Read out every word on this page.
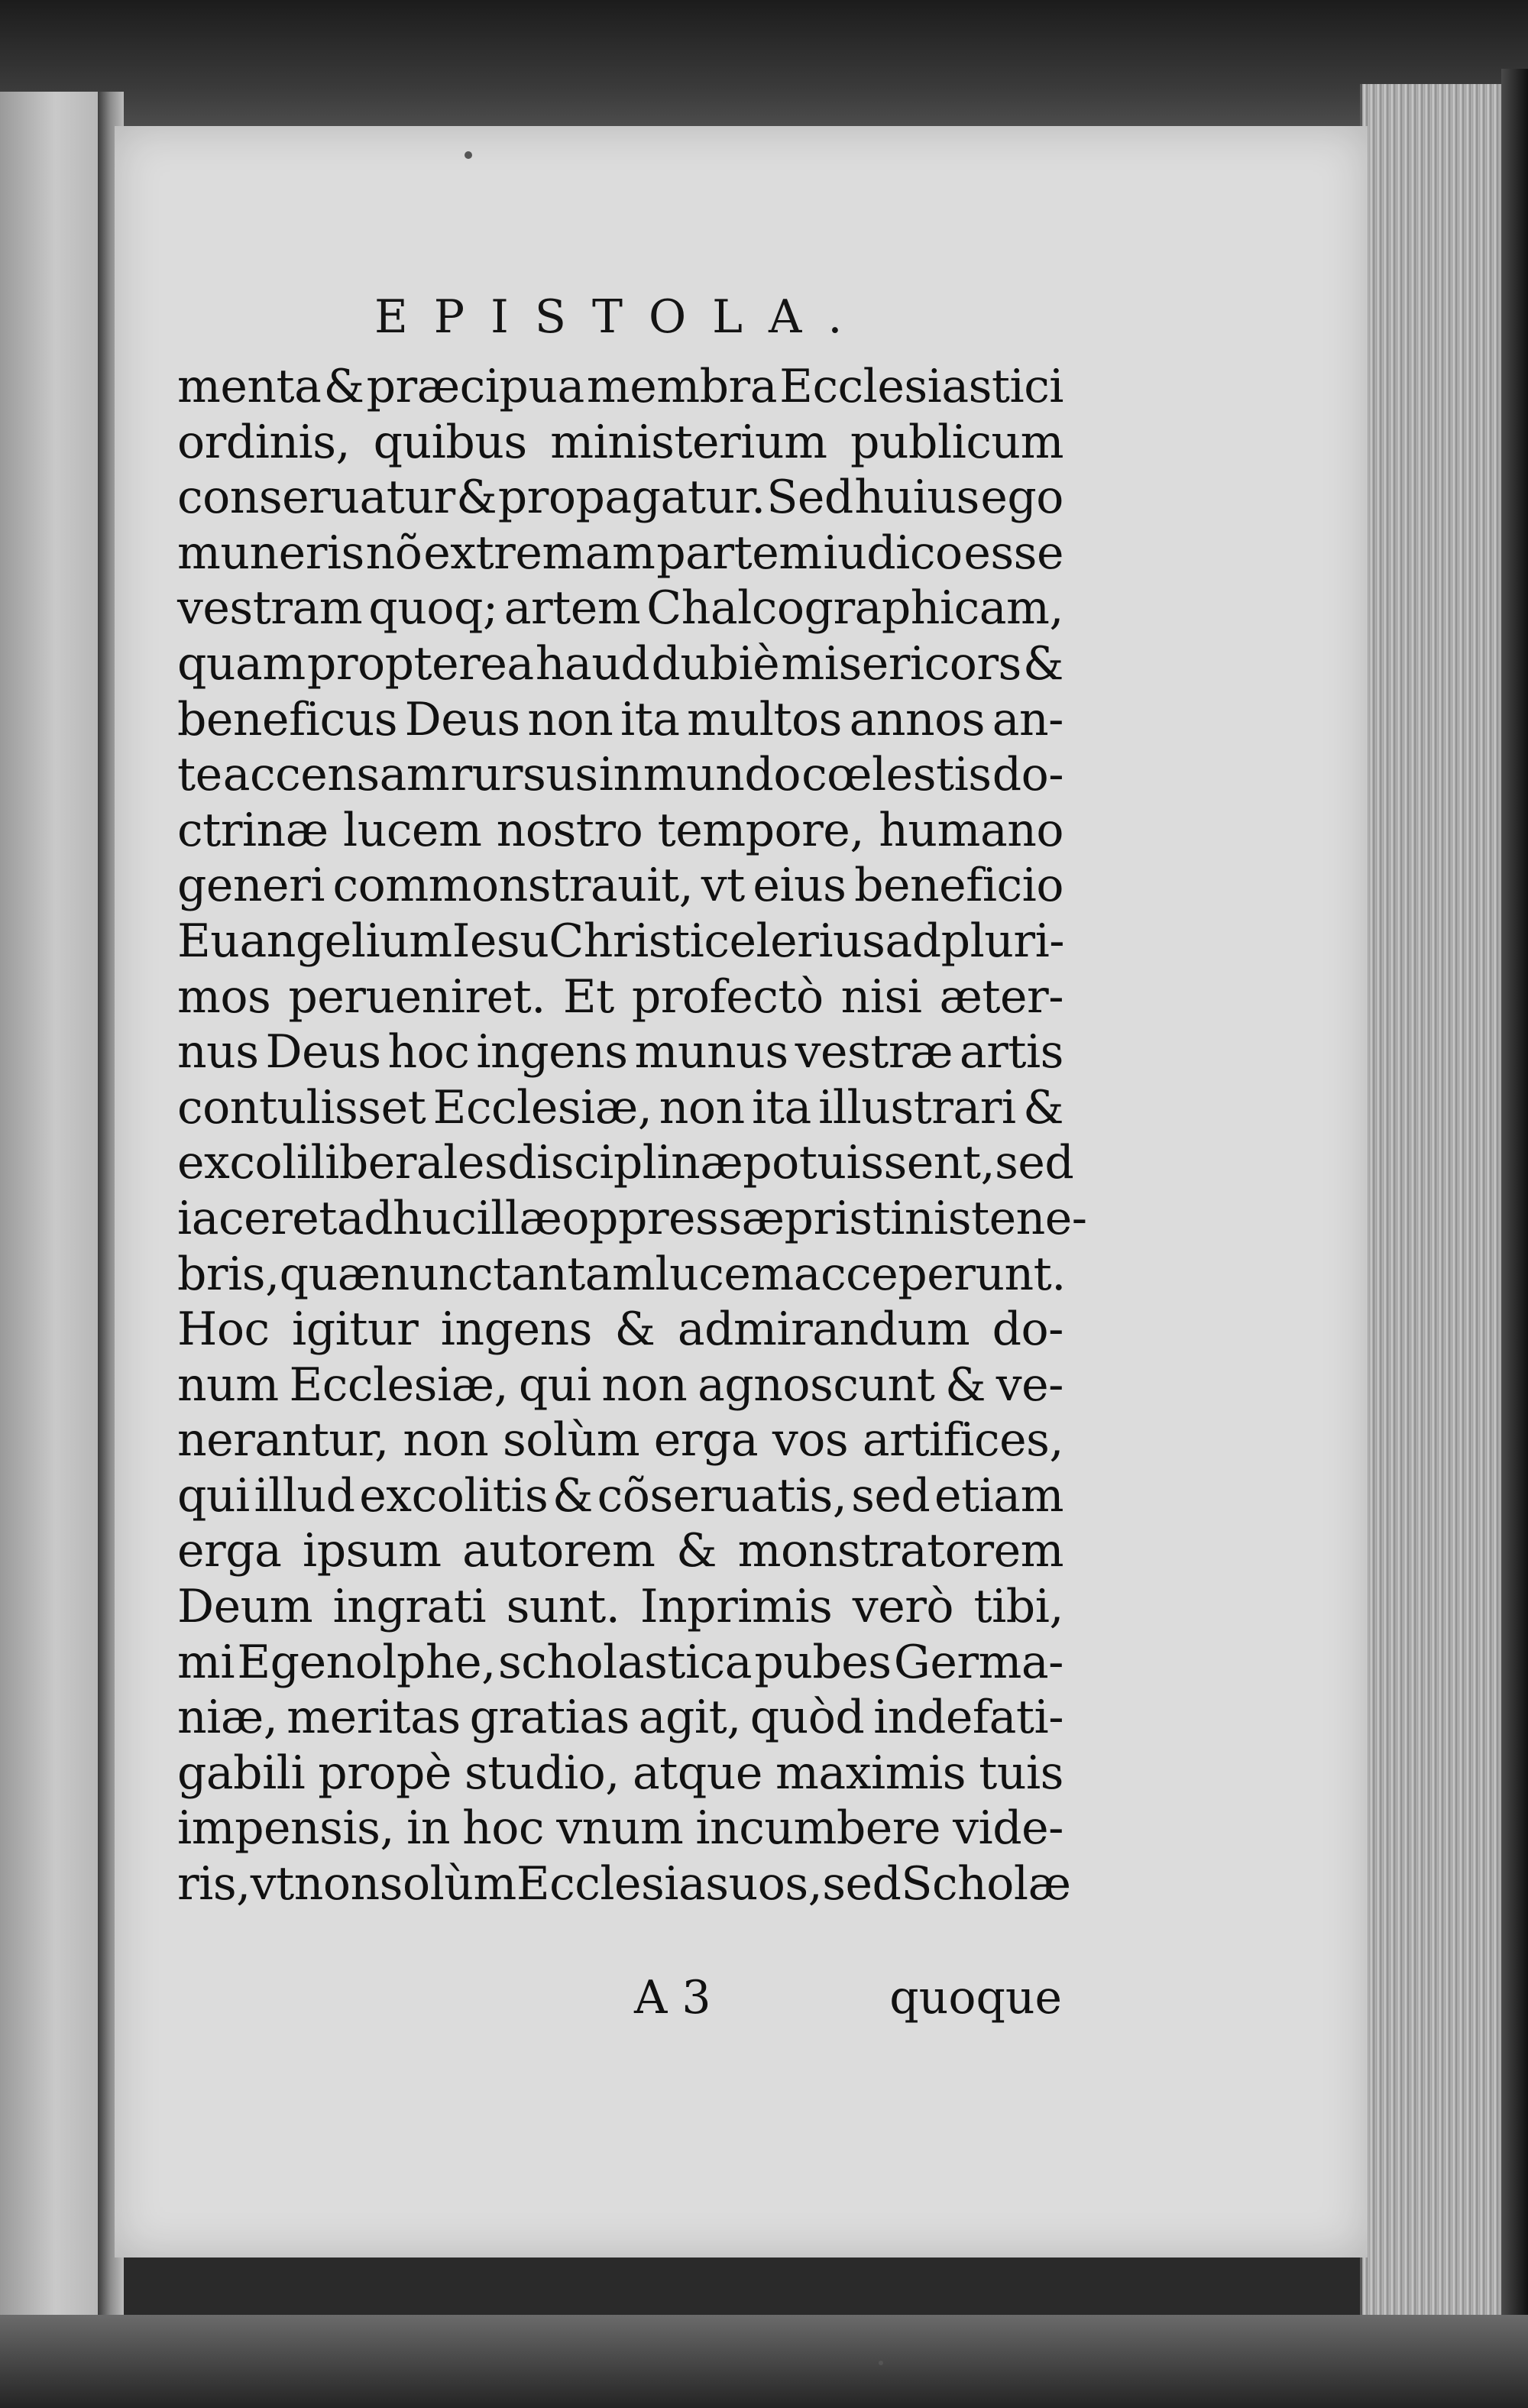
EPISTOLA.
menta & præcipua membra Ecclesiastici
ordinis, quibus ministerium publicum
conseruatur & propagatur. Sed huius ego
muneris nõ extremam partem iudico esse
vestram quoq; artem Chalcographicam,
quam propterea haud dubiè misericors &
beneficus Deus non ita multos annos an-
te accensam rursus in mundo cœlestis do-
ctrinæ lucem nostro tempore, humano
generi commonstrauit, vt eius beneficio
Euangelium Iesu Christi celerius ad pluri-
mos perueniret. Et profectò nisi æter-
nus Deus hoc ingens munus vestræ artis
contulisset Ecclesiæ, non ita illustrari &
excoli liberales disciplinæ potuissent, sed
iaceret adhuc illæ oppressæ pristinis tene-
bris, quæ nunc tantam lucem acceperunt.
Hoc igitur ingens & admirandum do-
num Ecclesiæ, qui non agnoscunt & ve-
nerantur, non solùm erga vos artifices,
qui illud excolitis & cõseruatis, sed etiam
erga ipsum autorem & monstratorem
Deum ingrati sunt. Inprimis verò tibi,
mi Egenolphe, scholastica pubes Germa-
niæ, meritas gratias agit, quòd indefati-
gabili propè studio, atque maximis tuis
impensis, in hoc vnum incumbere vide-
ris, vt non solùm Ecclesia suos, sed Scholæ
A 3	quoque
